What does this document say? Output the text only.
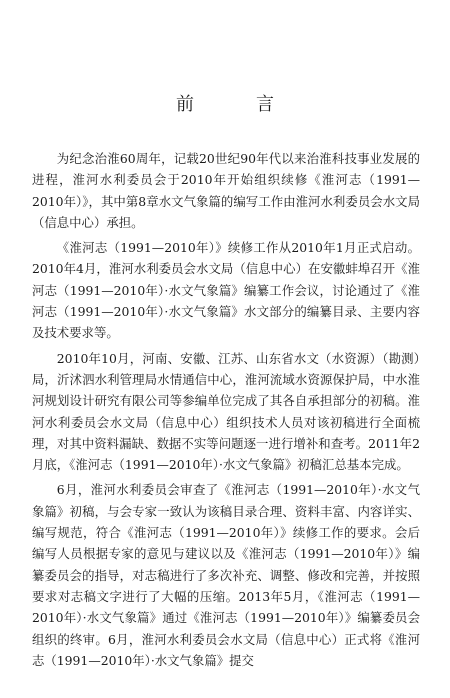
前　言

为纪念治淮60周年，记载20世纪90年代以来治淮科技事业发展的进程，淮河水利委员会于2010年开始组织续修《淮河志（1991—2010年）》，其中第8章水文气象篇的编写工作由淮河水利委员会水文局（信息中心）承担。

《淮河志（1991—2010年）》续修工作从2010年1月正式启动。2010年4月，淮河水利委员会水文局（信息中心）在安徽蚌埠召开《淮河志（1991—2010年）·水文气象篇》编纂工作会议，讨论通过了《淮河志（1991—2010年）·水文气象篇》水文部分的编纂目录、主要内容及技术要求等。

2010年10月，河南、安徽、江苏、山东省水文（水资源）（勘测）局，沂沭泗水利管理局水情通信中心，淮河流域水资源保护局，中水淮河规划设计研究有限公司等参编单位完成了其各自承担部分的初稿。淮河水利委员会水文局（信息中心）组织技术人员对该初稿进行全面梳理，对其中资料漏缺、数据不实等问题逐一进行增补和查考。2011年2月底，《淮河志（1991—2010年）·水文气象篇》初稿汇总基本完成。

6月，淮河水利委员会审查了《淮河志（1991—2010年）·水文气象篇》初稿，与会专家一致认为该稿目录合理、资料丰富、内容详实、编写规范，符合《淮河志（1991—2010年）》续修工作的要求。会后编写人员根据专家的意见与建议以及《淮河志（1991—2010年）》编纂委员会的指导，对志稿进行了多次补充、调整、修改和完善，并按照要求对志稿文字进行了大幅的压缩。2013年5月，《淮河志（1991—2010年）·水文气象篇》通过《淮河志（1991—2010年）》编纂委员会组织的终审。6月，淮河水利委员会水文局（信息中心）正式将《淮河志（1991—2010年）·水文气象篇》提交
